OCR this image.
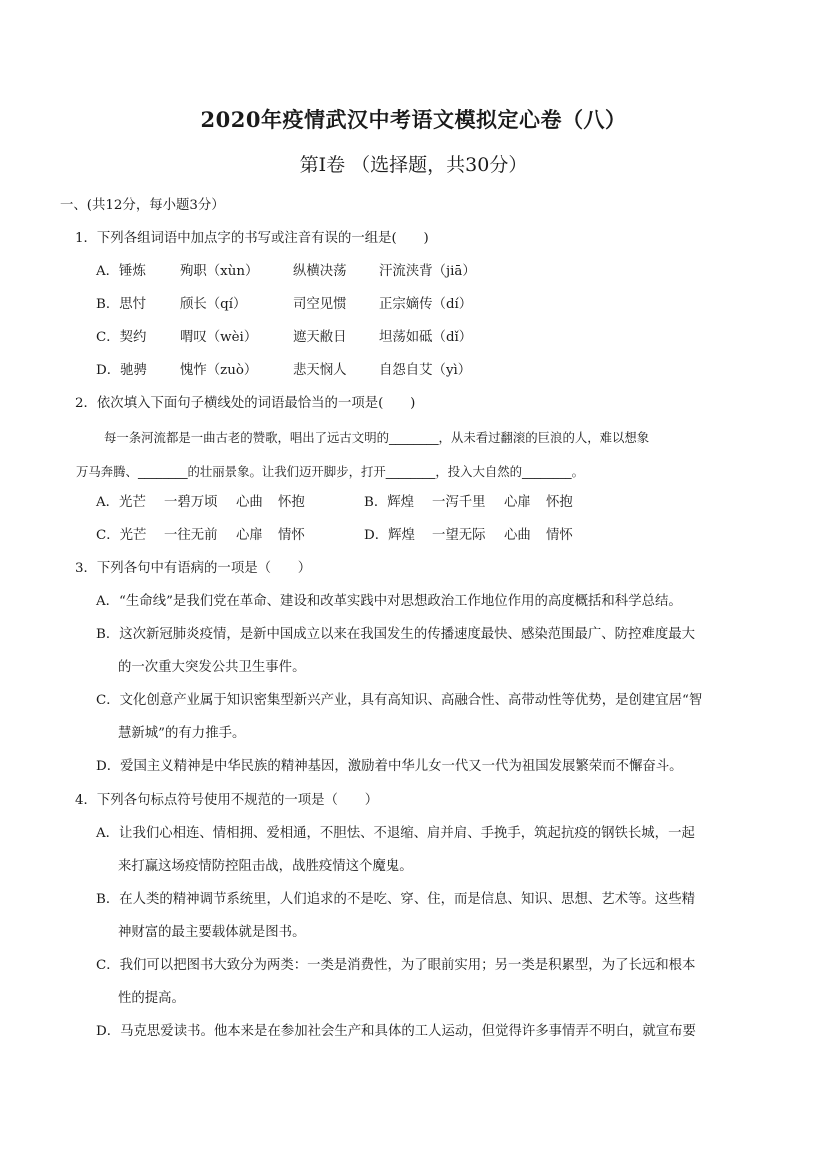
2020年疫情武汉中考语文模拟定心卷（八）
第Ⅰ卷 （选择题，共30分）
一、(共12分，每小题3分）
1．下列各组词语中加点字的书写或注音有误的一组是(　　)
A．锤炼	殉职（xùn）	纵横决荡 汗流浃背（jiā）
B．思忖	颀长（qí）	司空见惯 正宗嫡传（dí）
C．契约	喟叹（wèi）	遮天敝日 坦荡如砥（dǐ）
D．驰骋 愧怍（zuò）	悲天悯人 自怨自艾（yì）
2．依次填入下面句子横线处的词语最恰当的一项是(　　)
每一条河流都是一曲古老的赞歌，唱出了远古文明的________，从未看过翻滚的巨浪的人，难以想象
万马奔腾、________的壮丽景象。让我们迈开脚步，打开________，投入大自然的________。
A．光芒 一碧万顷 心曲 怀抱	B．辉煌 一泻千里 心扉 怀抱
C．光芒 一往无前 心扉 情怀	D．辉煌 一望无际 心曲 情怀
3．下列各句中有语病的一项是（　　）
A．“生命线”是我们党在革命、建设和改革实践中对思想政治工作地位作用的高度概括和科学总结。
B．这次新冠肺炎疫情，是新中国成立以来在我国发生的传播速度最快、感染范围最广、防控难度最大
的一次重大突发公共卫生事件。
C．文化创意产业属于知识密集型新兴产业，具有高知识、高融合性、高带动性等优势，是创建宜居“智
慧新城”的有力推手。
D．爱国主义精神是中华民族的精神基因，激励着中华儿女一代又一代为祖国发展繁荣而不懈奋斗。
4．下列各句标点符号使用不规范的一项是（　　）
A．让我们心相连、情相拥、爱相通，不胆怯、不退缩、肩并肩、手挽手，筑起抗疫的钢铁长城，一起
来打赢这场疫情防控阻击战，战胜疫情这个魔鬼。
B．在人类的精神调节系统里，人们追求的不是吃、穿、住，而是信息、知识、思想、艺术等。这些精
神财富的最主要载体就是图书。
C．我们可以把图书大致分为两类：一类是消费性，为了眼前实用；另一类是积累型，为了长远和根本
性的提高。
D．马克思爱读书。他本来是在参加社会生产和具体的工人运动，但觉得许多事情弄不明白，就宣布要
